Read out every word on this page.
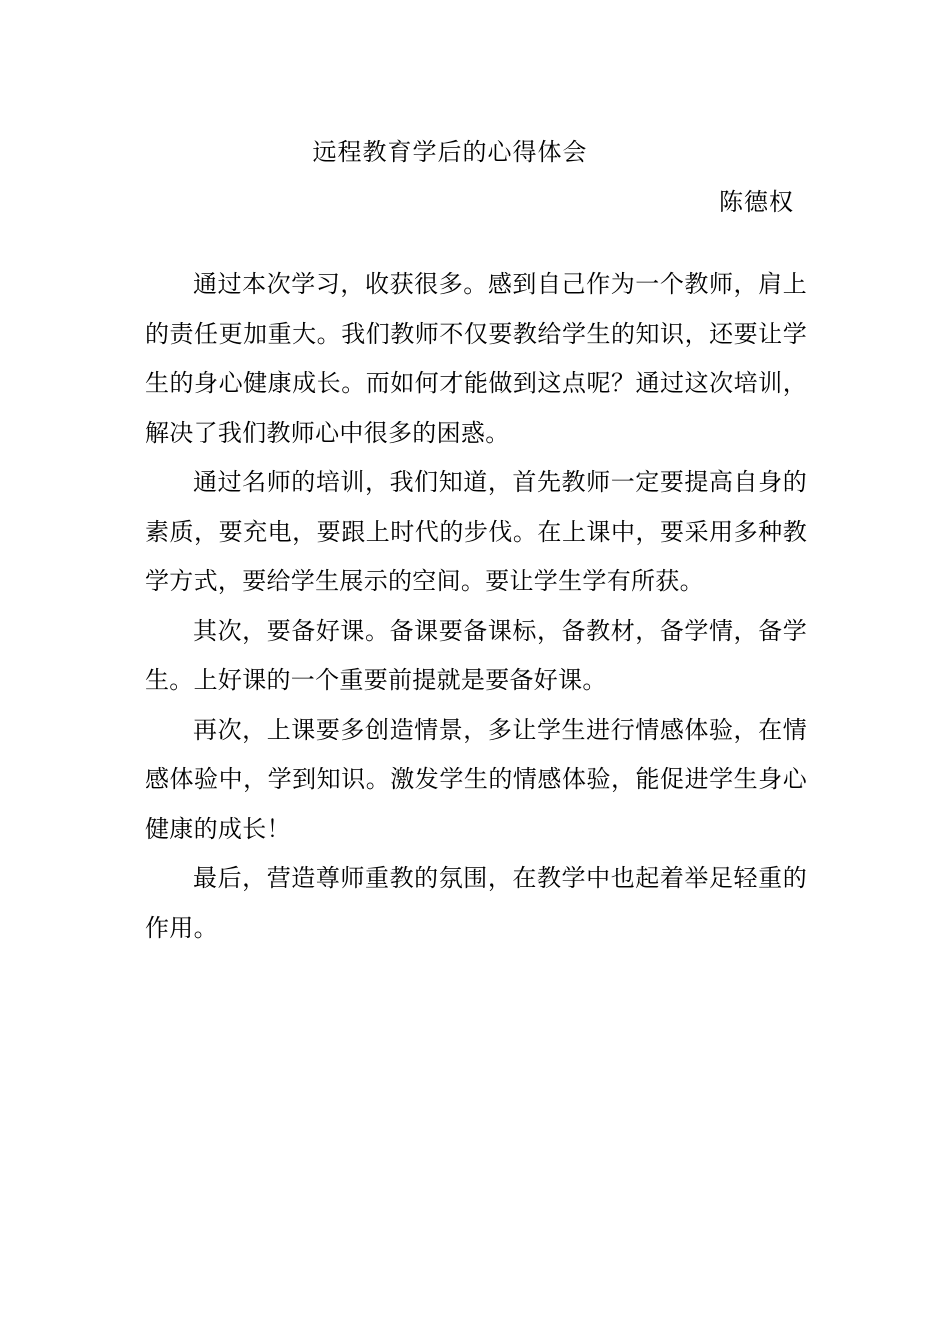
远程教育学后的心得体会
陈德权

通过本次学习，收获很多。感到自己作为一个教师，肩上的责任更加重大。我们教师不仅要教给学生的知识，还要让学生的身心健康成长。而如何才能做到这点呢？通过这次培训，解决了我们教师心中很多的困惑。

通过名师的培训，我们知道，首先教师一定要提高自身的素质，要充电，要跟上时代的步伐。在上课中，要采用多种教学方式，要给学生展示的空间。要让学生学有所获。

其次，要备好课。备课要备课标，备教材，备学情，备学生。上好课的一个重要前提就是要备好课。

再次，上课要多创造情景，多让学生进行情感体验，在情感体验中，学到知识。激发学生的情感体验，能促进学生身心健康的成长！

最后，营造尊师重教的氛围，在教学中也起着举足轻重的作用。
